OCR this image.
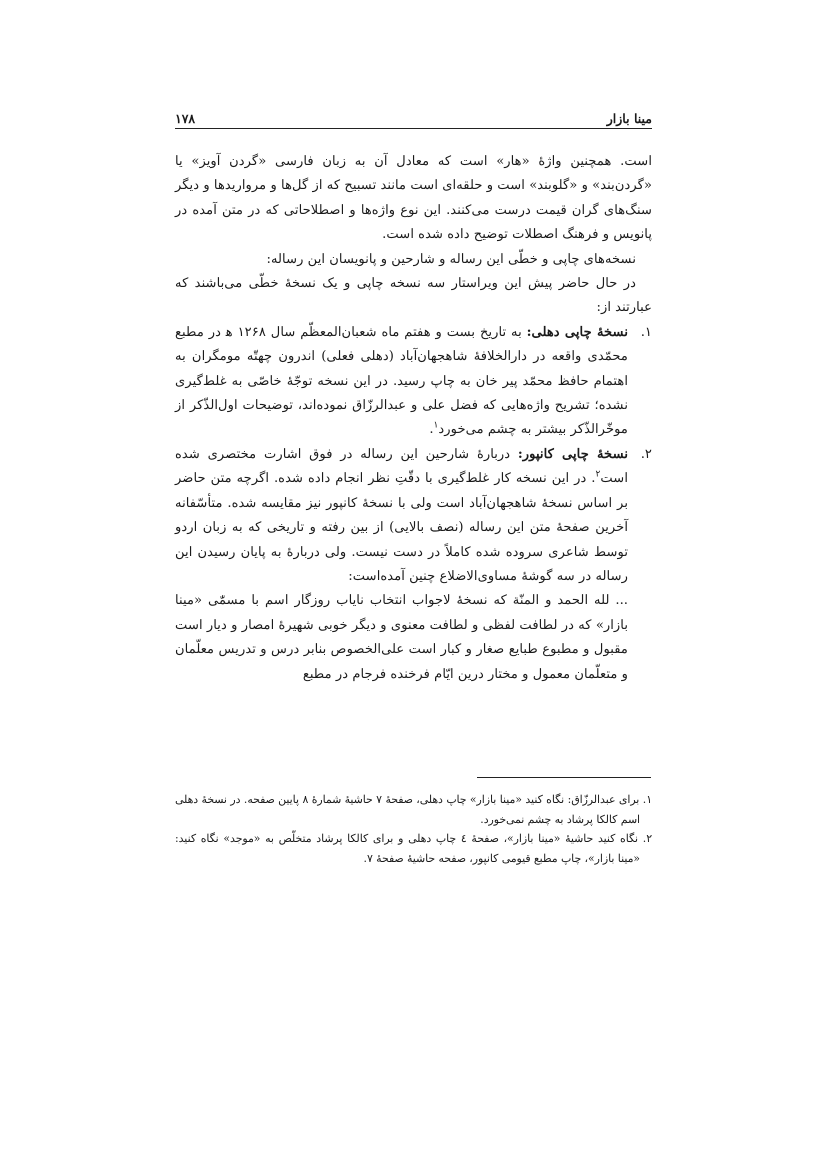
مینا بازار
۱۷۸

است. همچنین واژهٔ «هار» است که معادل آن به زبان فارسی «گردن آویز» یا «گردن‌بند» و «گلوبند» است و حلقه‌ای است مانند تسبیح که از گل‌ها و مرواریدها و دیگر سنگ‌های گران قیمت درست می‌کنند. این نوع واژه‌ها و اصطلاحاتی که در متن آمده در پانویس و فرهنگ اصطلات توضیح داده شده است.

نسخه‌های چاپی و خطّی این رساله و شارحین و پانویسان این رساله:

در حال حاضر پیش این ویراستار سه نسخه چاپی و یک نسخهٔ خطّی می‌باشند که عبارتند از:

۱.
نسخهٔ چاپی دهلی: به تاریخ بست و هفتم ماه شعبان‌المعظّم سال ۱۲۶۸ ﻫ در مطبع محمّدی واقعه در دارالخلافهٔ شاهجهان‌آباد (دهلی فعلی) اندرون چهتّه مومگران به اهتمام حافظ محمّد پیر خان به چاپ رسید. در این نسخه توجّهٔ خاصّی به غلط‌گیری نشده؛ تشریح واژه‌هایی که فضل علی و عبدالرزّاق نموده‌اند، توضیحات اول‌الذّکر از موخّرالذّکر بیشتر به چشم می‌خورد$^۱$.
۲.
نسخهٔ چاپی کانپور: دربارهٔ شارحین این رساله در فوق اشارت مختصری شده است$^۲$. در این نسخه کار غلط‌گیری با دقّتِ نظر انجام داده شده. اگرچه متن حاضر بر اساس نسخهٔ شاهجهان‌آباد است ولی با نسخهٔ کانپور نیز مقایسه شده. متأسّفانه آخرین صفحهٔ متن این رساله (نصف بالایی) از بین رفته و تاریخی که به زبان اردو توسط شاعری سروده شده کاملاً در دست نیست. ولی دربارهٔ به پایان رسیدن این رساله در سه گوشهٔ مساوی‌الاضلاع چنین آمده‌است:

... لله الحمد و المنّة که نسخهٔ لاجواب انتخاب نایاب روزگار اسم با مسمّٰی «مینا بازار» که در لطافت لفظی و لطافت معنوی و دیگر خوبی شهیرهٔ امصار و دیار است مقبول و مطبوع طبایع صغار و کبار است علی‌الخصوص بنابر درس و تدریس معلّمان و متعلّمان معمول و مختار درین ایّام فرخنده فرجام در مطبع

۱. برای عبدالرزّاق: نگاه کنید «مینا بازار» چاپ دهلی، صفحهٔ ۷ حاشیهٔ شمارهٔ ۸ پایین صفحه. در نسخهٔ دهلی اسم کالکا پرشاد به چشم نمی‌خورد.

۲. نگاه کنید حاشیهٔ «مینا بازار»، صفحهٔ ٤ چاپ دهلی و برای کالکا پرشاد متخلّص به «موجد» نگاه کنید: «مینا بازار»، چاپ مطبع قیومی کانپور، صفحه حاشیهٔ صفحهٔ ۷.
